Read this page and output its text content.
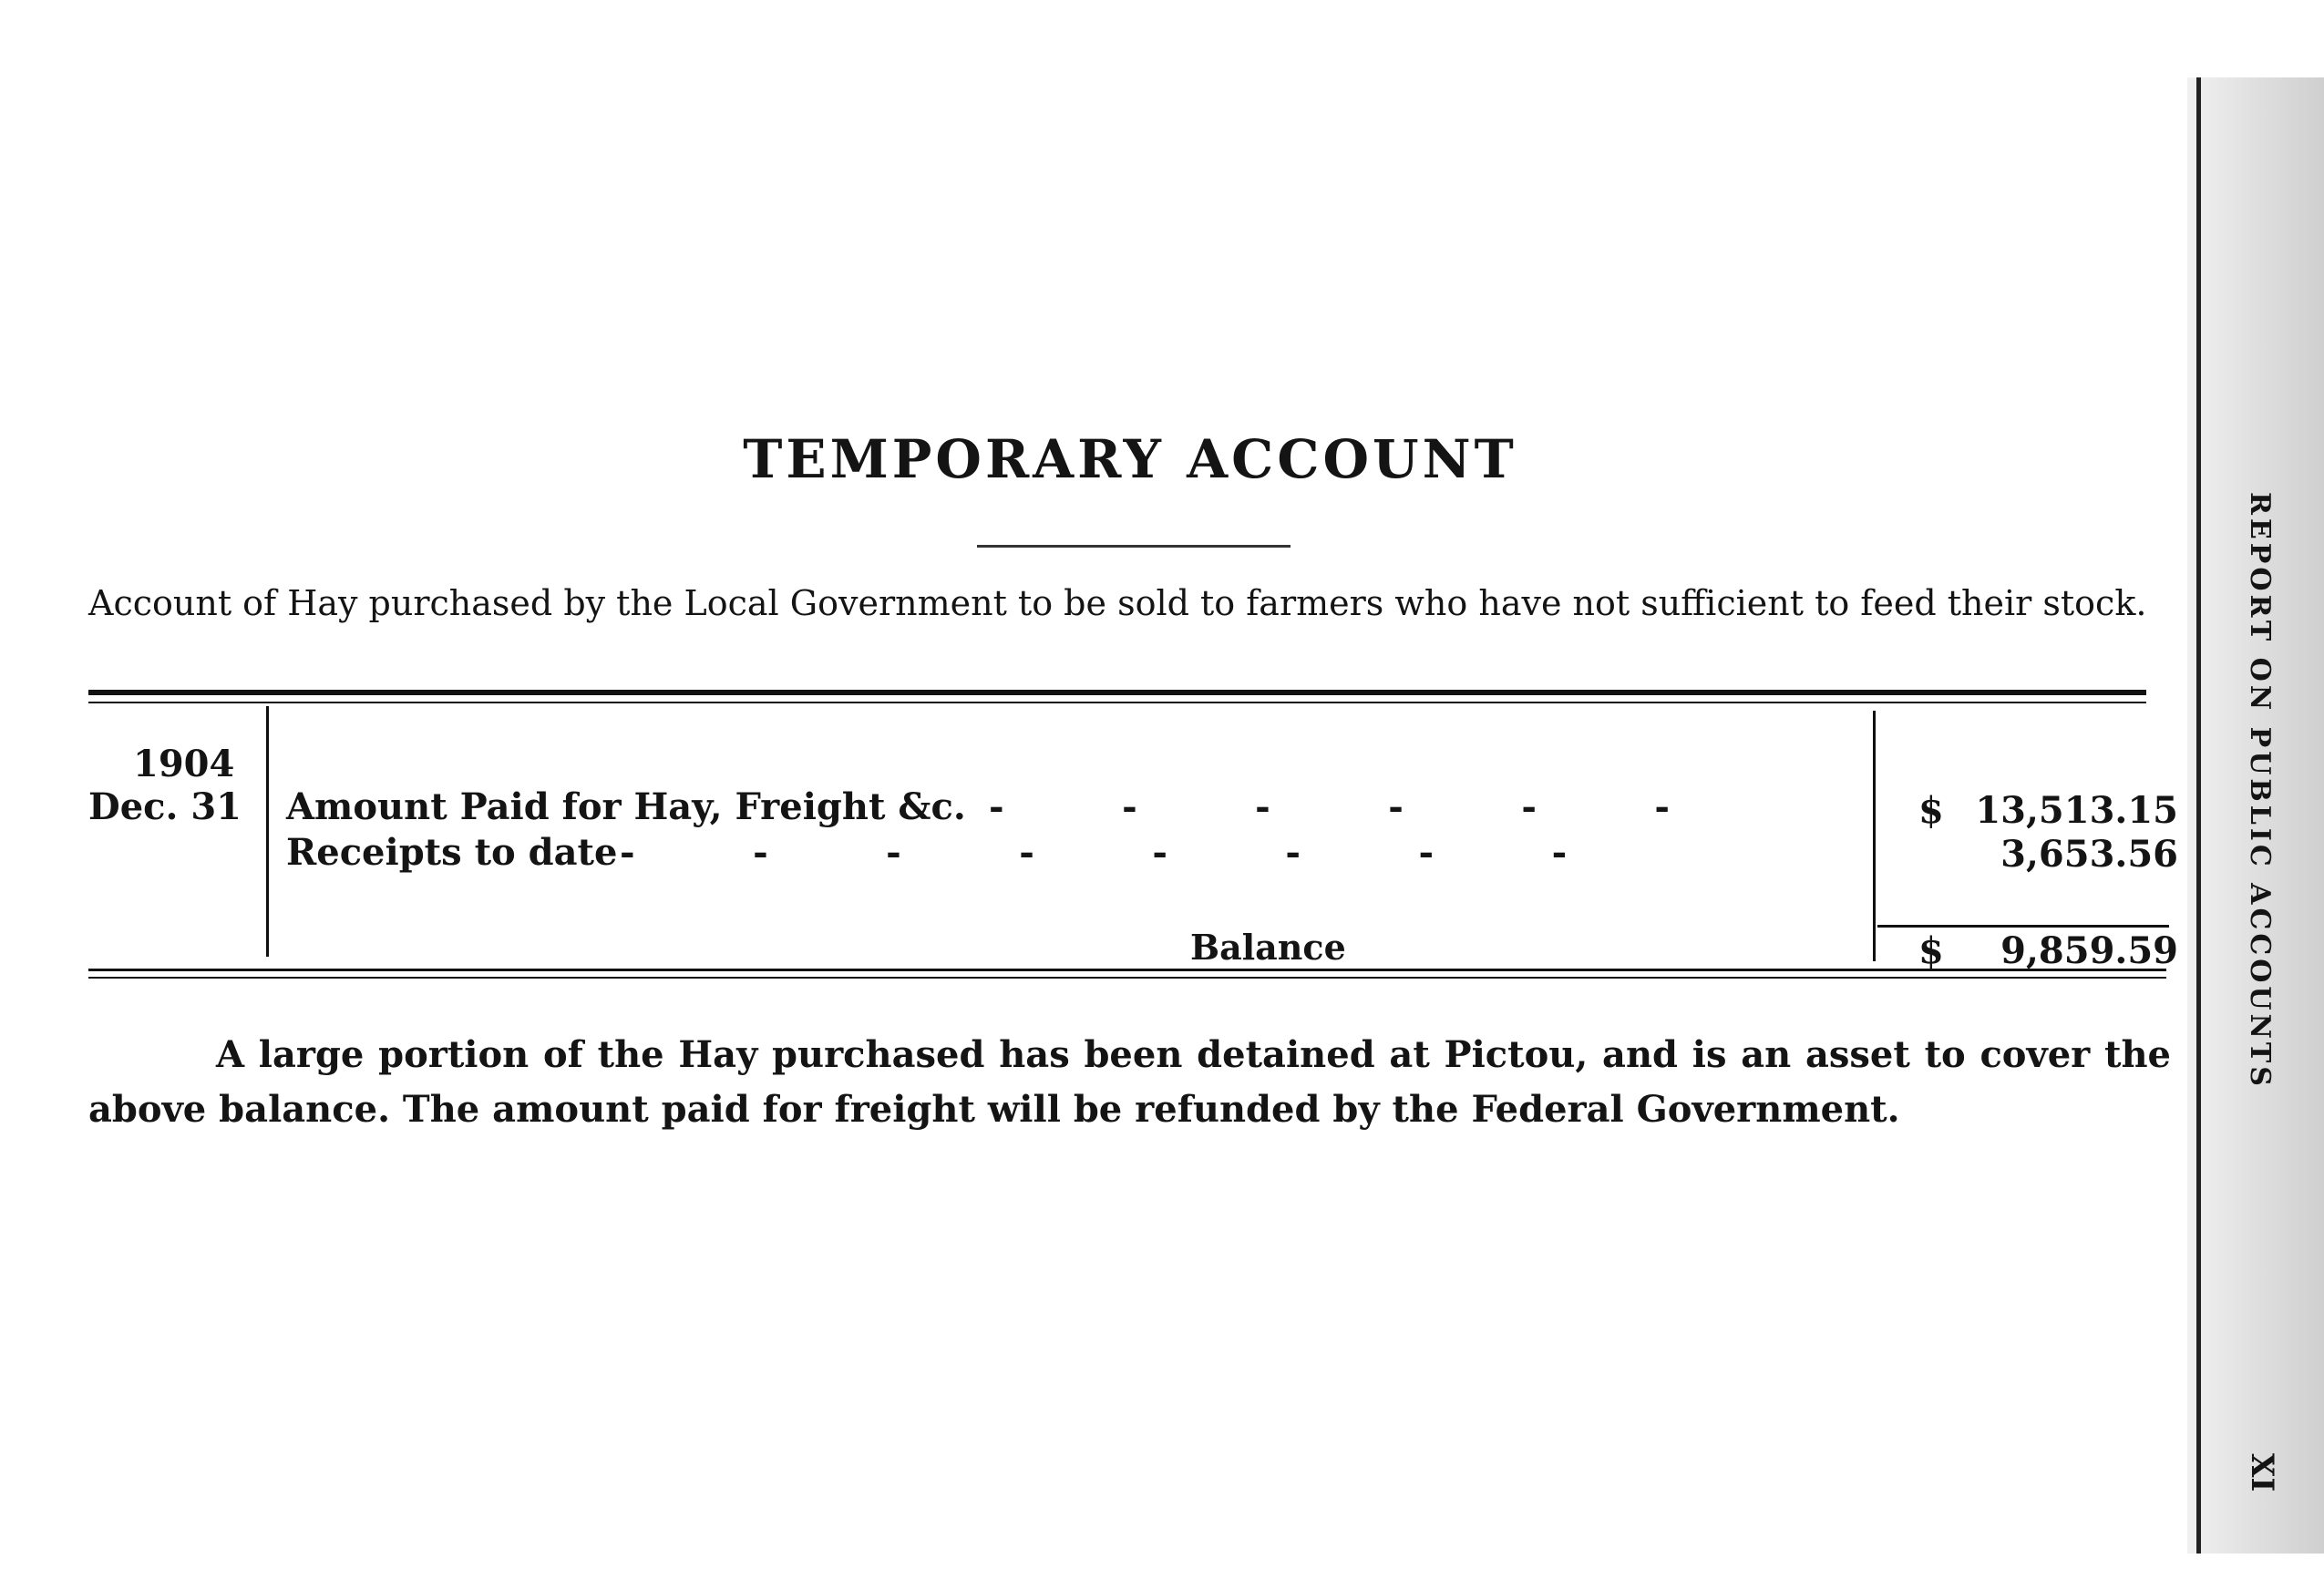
REPORT ON PUBLIC ACCOUNTS
XI
TEMPORARY ACCOUNT
Account of Hay purchased by the Local Government to be sold to farmers who have not sufficient to feed their stock.
1904
Dec. 31 Amount Paid for Hay, Freight &c. -       -       -       -       -       -	$ 13,513.15
Receipts to date -       -       -       -       -       -       -       -	3,653.56
Balance	$ 9,859.59
A large portion of the Hay purchased has been detained at Pictou, and is an asset to cover the above balance. The amount paid for freight will be refunded by the Federal Government.
